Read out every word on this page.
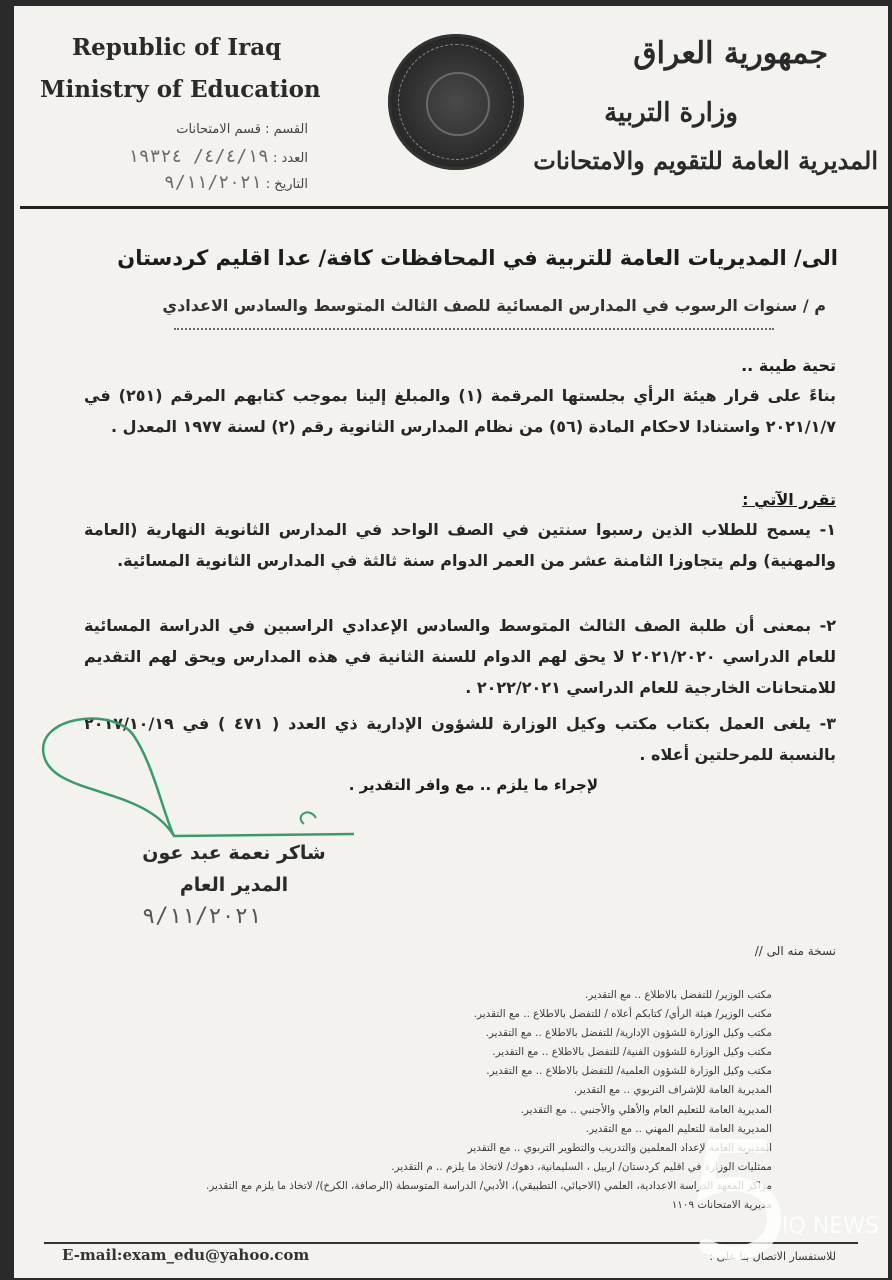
Republic of Iraq
Ministry of Education
جمهورية العراق
وزارة التربية
المديرية العامة للتقويم والامتحانات
القسم : قسم الامتحانات
العدد : ٤/٤/١٩/ ١٩٣٢٤
التاريخ : ٩/١١/٢٠٢١
الى/ المديريات العامة للتربية في المحافظات كافة/ عدا اقليم كردستان
م / سنوات الرسوب في المدارس المسائية للصف الثالث المتوسط والسادس الاعدادي
تحية طيبة ..

بناءً على قرار هيئة الرأي بجلستها المرقمة (١) والمبلغ إلينا بموجب كتابهم المرقم (٢٥١) في ٢٠٢١/١/٧ واستنادا لاحكام المادة (٥٦) من نظام المدارس الثانوية رقم (٢) لسنة ١٩٧٧ المعدل .

تقرر الآتي :

١- يسمح للطلاب الذين رسبوا سنتين في الصف الواحد في المدارس الثانوية النهارية (العامة والمهنية) ولم يتجاوزا الثامنة عشر من العمر الدوام سنة ثالثة في المدارس الثانوية المسائية.

٢- بمعنى أن طلبة الصف الثالث المتوسط والسادس الإعدادي الراسبين في الدراسة المسائية للعام الدراسي ٢٠٢١/٢٠٢٠ لا يحق لهم الدوام للسنة الثانية في هذه المدارس ويحق لهم التقديم للامتحانات الخارجية للعام الدراسي ٢٠٢٢/٢٠٢١ .

٣- يلغى العمل بكتاب مكتب وكيل الوزارة للشؤون الإدارية ذي العدد ( ٤٧١ ) في ٢٠١٧/١٠/١٩ بالنسبة للمرحلتين أعلاه .

لإجراء ما يلزم .. مع وافر التقدير .
شاكر نعمة عبد عون
المدير العام
٩/١١/٢٠٢١
نسخة منه الى //
• مكتب الوزير/ للتفضل بالاطلاع .. مع التقدير.
• مكتب الوزير/ هيئة الرأي/ كتابكم أعلاه / للتفضل بالاطلاع .. مع التقدير.
• مكتب وكيل الوزارة للشؤون الإدارية/ للتفضل بالاطلاع .. مع التقدير.
• مكتب وكيل الوزارة للشؤون الفنية/ للتفضل بالاطلاع .. مع التقدير.
• مكتب وكيل الوزارة للشؤون العلمية/ للتفضل بالاطلاع .. مع التقدير.
• المديرية العامة للإشراف التربوي .. مع التقدير.
• المديرية العامة للتعليم العام والأهلي والأجنبي .. مع التقدير.
• المديرية العامة للتعليم المهني .. مع التقدير.
• المديرية العامة لإعداد المعلمين والتدريب والتطوير التربوي .. مع التقدير
• ممثليات الوزارة في اقليم كردستان/ اربيل ، السليمانية، دهوك/ لاتخاذ ما يلزم .. م التقدير.
• مراكز المعهد الدراسة الاعدادية، العلمي (الاحيائي، التطبيقي)، الأدبي/ الدراسة المتوسطة (الرصافة، الكرخ)/ لاتخاذ ما يلزم مع التقدير.
• مديرية الامتحانات ١١٠٩
E-mail:exam_edu@yahoo.com	للاستفسار الاتصال بنا على :
IQ NEWS
